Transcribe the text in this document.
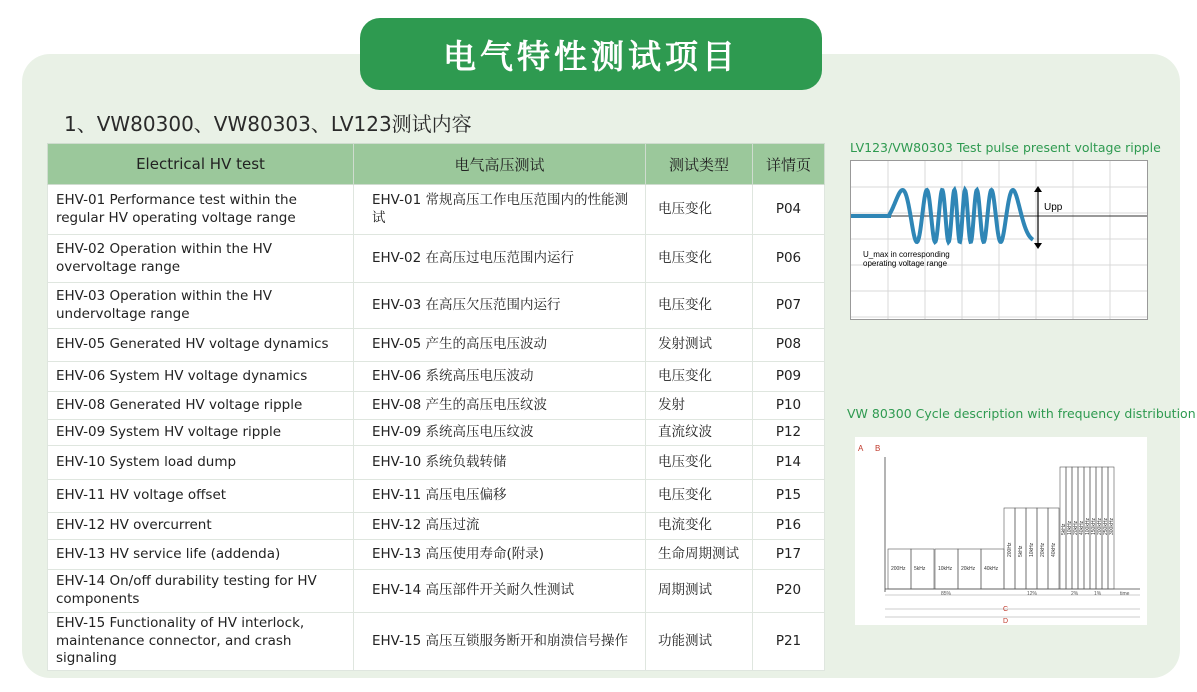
电气特性测试项目
1、VW80300、VW80303、LV123测试内容
Electrical HV test	电气高压测试	测试类型	详情页
EHV-01 Performance test within the regular HV operating voltage range	EHV-01 常规高压工作电压范围内的性能测试	电压变化	P04
EHV-02 Operation within the HV overvoltage range	EHV-02 在高压过电压范围内运行	电压变化	P06
EHV-03 Operation within the HV undervoltage range	EHV-03 在高压欠压范围内运行	电压变化	P07
EHV-05 Generated HV voltage dynamics	EHV-05 产生的高压电压波动	发射测试	P08
EHV-06 System HV voltage dynamics	EHV-06 系统高压电压波动	电压变化	P09
EHV-08 Generated HV voltage ripple	EHV-08 产生的高压电压纹波	发射	P10
EHV-09 System HV voltage ripple	EHV-09 系统高压电压纹波	直流纹波	P12
EHV-10 System load dump	EHV-10 系统负载转储	电压变化	P14
EHV-11 HV voltage offset	EHV-11 高压电压偏移	电压变化	P15
EHV-12 HV overcurrent	EHV-12 高压过流	电流变化	P16
EHV-13 HV service life (addenda)	EHV-13 高压使用寿命(附录)	生命周期测试	P17
EHV-14 On/off durability testing for HV components	EHV-14 高压部件开关耐久性测试	周期测试	P20
EHV-15 Functionality of HV interlock, maintenance connector, and crash signaling	EHV-15 高压互锁服务断开和崩溃信号操作	功能测试	P21
LV123/VW80303 Test pulse present voltage ripple
Upp
U_max in corresponding
operating voltage range
VW 80300 Cycle description with frequency distribution
A B
200Hz 5kHz	10kHz 20kHz 40kHz
200Hz 5kHz 10kHz 20kHz 40kHz
5kHz 10kHz 20kHz 40kHz 100kHz 150kHz 200kHz 250kHz 300kHz
85%	12%	2%	1%	time
C
D
